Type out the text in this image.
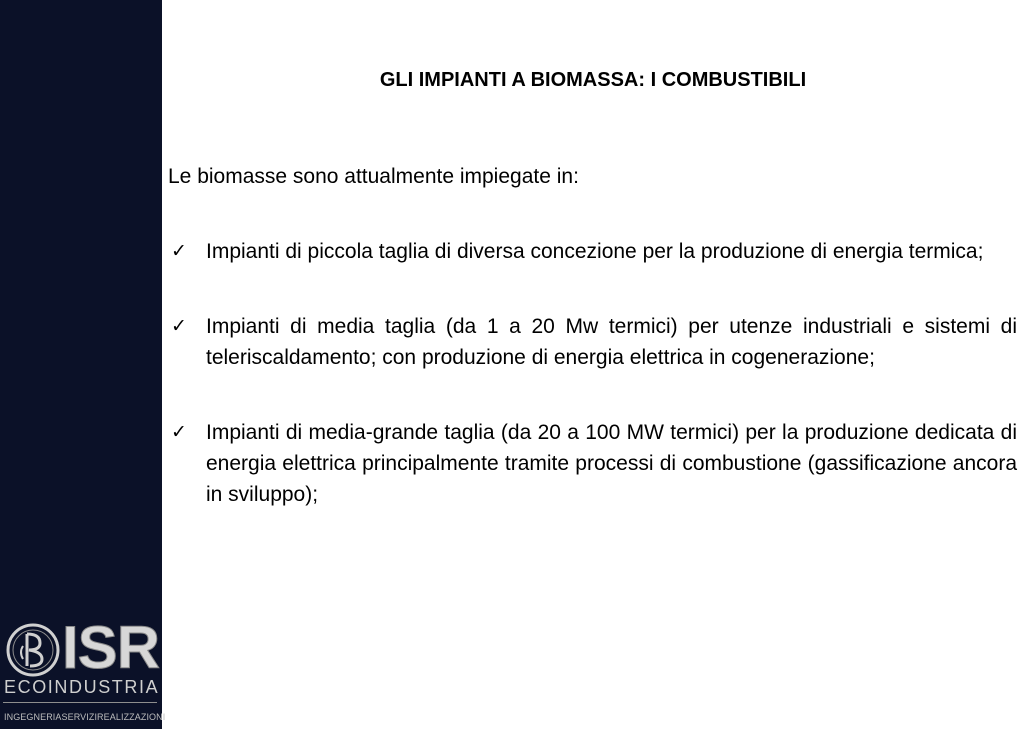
ISR
ECOINDUSTRIA
INGEGNERIASERVIZIREALIZZAZIONI
GLI IMPIANTI A BIOMASSA: I COMBUSTIBILI
Le biomasse sono attualmente impiegate in:
✓ Impianti di piccola taglia di diversa concezione per la produzione di energia termica;
✓ Impianti di media taglia (da 1 a 20 Mw termici) per utenze industriali e sistemi di teleriscaldamento; con produzione di energia elettrica in cogenerazione;
✓ Impianti di media-grande taglia (da 20 a 100 MW termici) per la produzione dedicata di energia elettrica principalmente tramite processi di combustione (gassificazione ancora in sviluppo);
